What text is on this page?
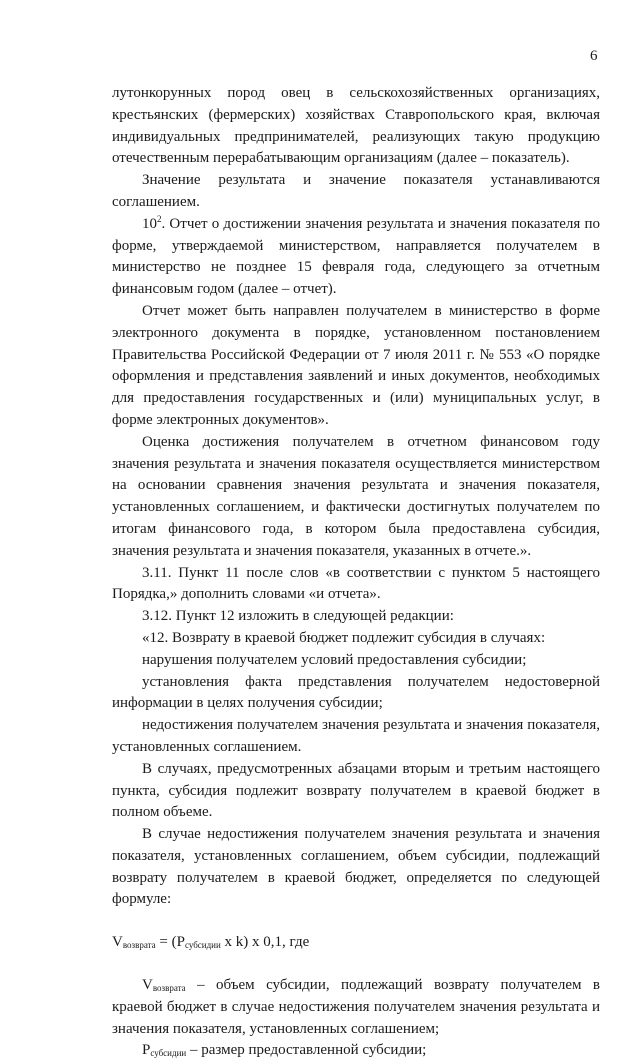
6

лутонкорунных пород овец в сельскохозяйственных организациях, крестьянских (фермерских) хозяйствах Ставропольского края, включая индивидуальных предпринимателей, реализующих такую продукцию отечественным перерабатывающим организациям (далее – показатель).

Значение результата и значение показателя устанавливаются соглашением.

$10^2$. Отчет о достижении значения результата и значения показателя по форме, утверждаемой министерством, направляется получателем в министерство не позднее 15 февраля года, следующего за отчетным финансовым годом (далее – отчет).

Отчет может быть направлен получателем в министерство в форме электронного документа в порядке, установленном постановлением Правительства Российской Федерации от 7 июля 2011 г. № 553 «О порядке оформления и представления заявлений и иных документов, необходимых для предоставления государственных и (или) муниципальных услуг, в форме электронных документов».

Оценка достижения получателем в отчетном финансовом году значения результата и значения показателя осуществляется министерством на основании сравнения значения результата и значения показателя, установленных соглашением, и фактически достигнутых получателем по итогам финансового года, в котором была предоставлена субсидия, значения результата и значения показателя, указанных в отчете.».

3.11. Пункт 11 после слов «в соответствии с пунктом 5 настоящего Порядка,» дополнить словами «и отчета».

3.12. Пункт 12 изложить в следующей редакции:

«12. Возврату в краевой бюджет подлежит субсидия в случаях:

нарушения получателем условий предоставления субсидии;

установления факта представления получателем недостоверной информации в целях получения субсидии;

недостижения получателем значения результата и значения показателя, установленных соглашением.

В случаях, предусмотренных абзацами вторым и третьим настоящего пункта, субсидия подлежит возврату получателем в краевой бюджет в полном объеме.

В случае недостижения получателем значения результата и значения показателя, установленных соглашением, объем субсидии, подлежащий возврату получателем в краевой бюджет, определяется по следующей формуле:

$V_{возврата} = (P_{субсидии}$ x k) x 0,1, где

$V_{возврата}$ – объем субсидии, подлежащий возврату получателем в краевой бюджет в случае недостижения получателем значения результата и значения показателя, установленных соглашением;

$P_{субсидии}$ – размер предоставленной субсидии;
